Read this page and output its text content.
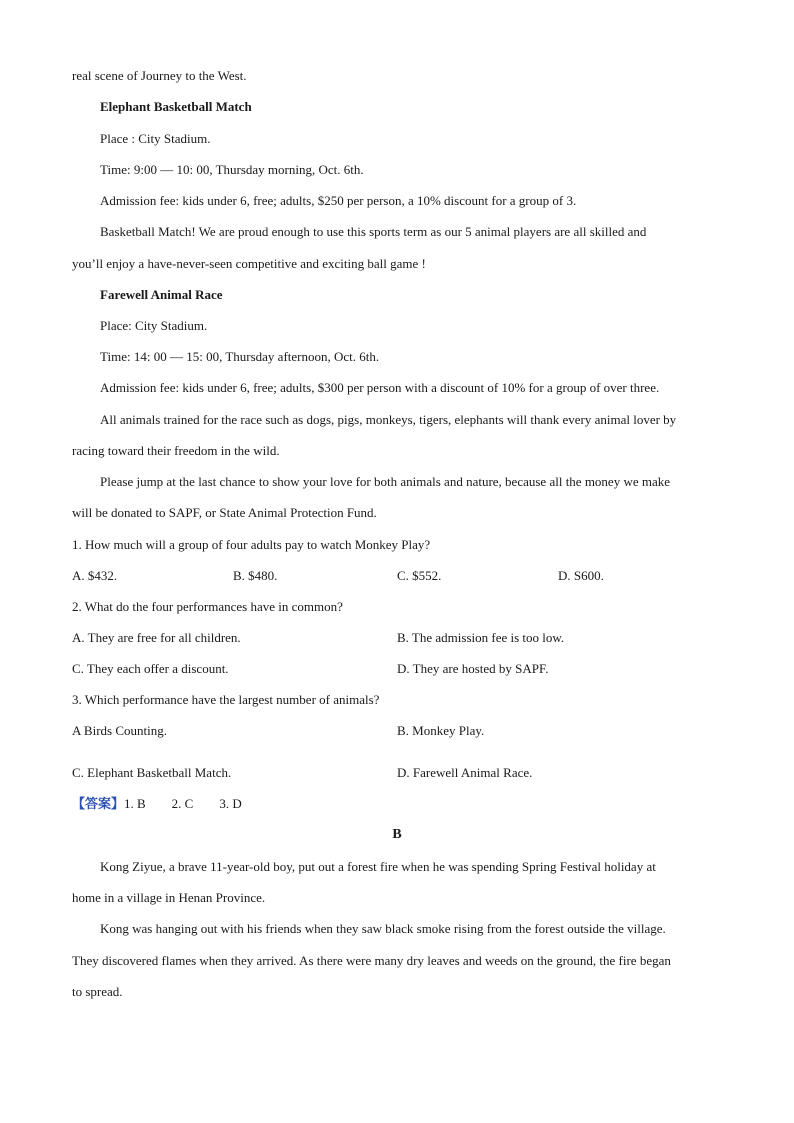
real scene of Journey to the West.
Elephant Basketball Match
Place : City Stadium.
Time: 9:00 — 10: 00, Thursday morning, Oct. 6th.
Admission fee: kids under 6, free; adults, $250 per person, a 10% discount for a group of 3.
Basketball Match! We are proud enough to use this sports term as our 5 animal players are all skilled and
you’ll enjoy a have-never-seen competitive and exciting ball game !
Farewell Animal Race
Place: City Stadium.
Time: 14: 00 — 15: 00, Thursday afternoon, Oct. 6th.
Admission fee: kids under 6, free; adults, $300 per person with a discount of 10% for a group of over three.
All animals trained for the race such as dogs, pigs, monkeys, tigers, elephants will thank every animal lover by
racing toward their freedom in the wild.
Please jump at the last chance to show your love for both animals and nature, because all the money we make
will be donated to SAPF, or State Animal Protection Fund.
1. How much will a group of four adults pay to watch Monkey Play?
A. $432.	B. $480.	C. $552.	D. S600.
2. What do the four performances have in common?
A. They are free for all children.	B. The admission fee is too low.
C. They each offer a discount.	D. They are hosted by SAPF.
3. Which performance have the largest number of animals?
A Birds Counting.	B. Monkey Play.
C. Elephant Basketball Match.	D. Farewell Animal Race.
【答案】1. B        2. C        3. D
B
Kong Ziyue, a brave 11-year-old boy, put out a forest fire when he was spending Spring Festival holiday at
home in a village in Henan Province.
Kong was hanging out with his friends when they saw black smoke rising from the forest outside the village.
They discovered flames when they arrived. As there were many dry leaves and weeds on the ground, the fire began
to spread.
